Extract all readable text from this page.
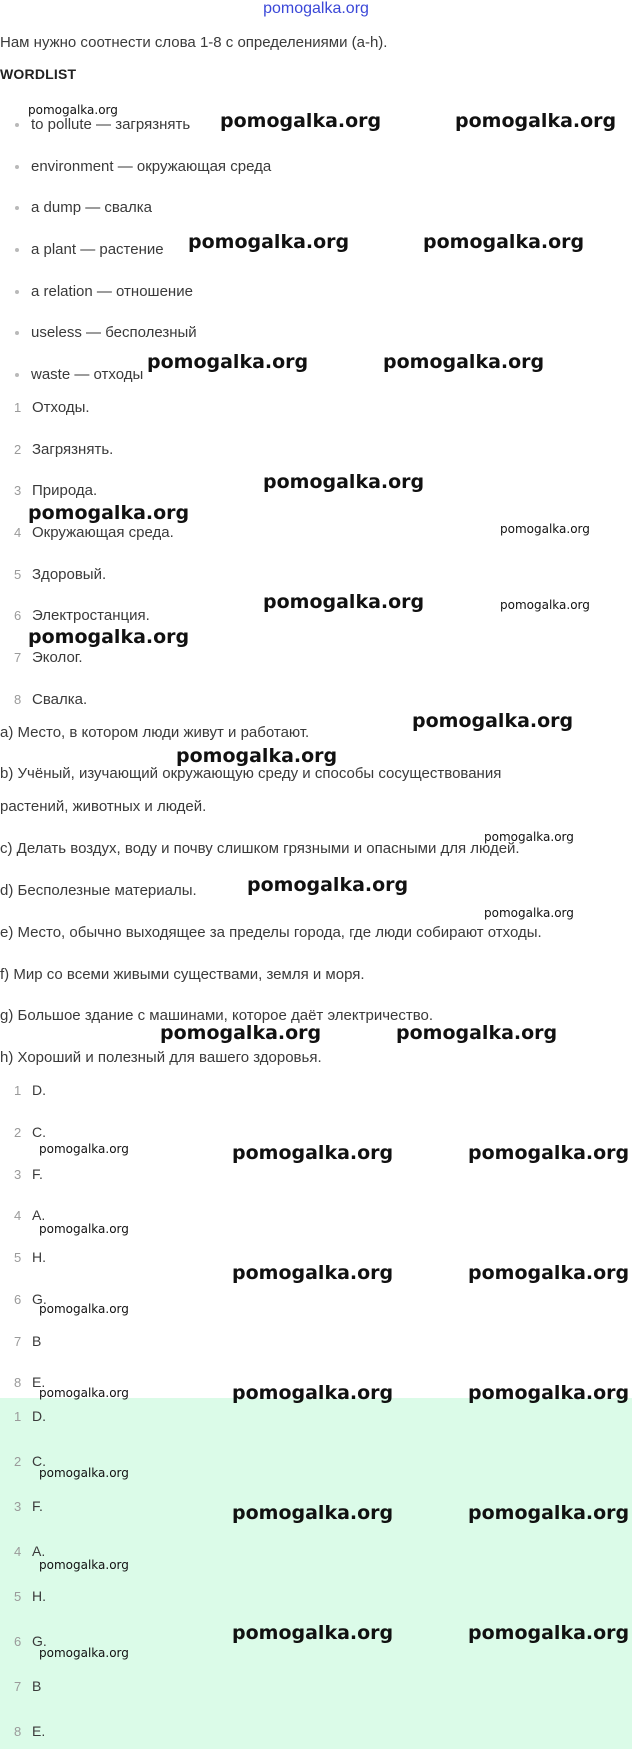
pomogalka.org
Нам нужно соотнести слова 1-8 с определениями (a-h).
WORDLIST
to pollute — загрязнять
environment — окружающая среда
a dump — свалка
a plant — растение
a relation — отношение
useless — бесполезный
waste — отходы
1 Отходы.
2 Загрязнять.
3 Природа.
4 Окружающая среда.
5 Здоровый.
6 Электростанция.
7 Эколог.
8 Свалка.
a) Место, в котором люди живут и работают.
b) Учёный, изучающий окружающую среду и способы сосуществования
растений, животных и людей.
c) Делать воздух, воду и почву слишком грязными и опасными для людей.
d) Бесполезные материалы.
e) Место, обычно выходящее за пределы города, где люди собирают отходы.
f) Мир со всеми живыми существами, земля и моря.
g) Большое здание с машинами, которое даёт электричество.
h) Хороший и полезный для вашего здоровья.
1 D.
2 C.
3 F.
4 A.
5 H.
6 G.
7 B
8 E.
1 D.
2 C.
3 F.
4 A.
5 H.
6 G.
7 B
8 E.
pomogalka.org	pomogalka.org	pomogalka.org
pomogalka.org	pomogalka.org
pomogalka.org	pomogalka.org
pomogalka.org
pomogalka.org
pomogalka.org
pomogalka.org	pomogalka.org
pomogalka.org
pomogalka.org
pomogalka.org
pomogalka.org
pomogalka.org
pomogalka.org
pomogalka.org	pomogalka.org
pomogalka.org	pomogalka.org	pomogalka.org
pomogalka.org
pomogalka.org	pomogalka.org
pomogalka.org
pomogalka.org	pomogalka.org	pomogalka.org
pomogalka.org
pomogalka.org	pomogalka.org
pomogalka.org
pomogalka.org	pomogalka.org
pomogalka.org
